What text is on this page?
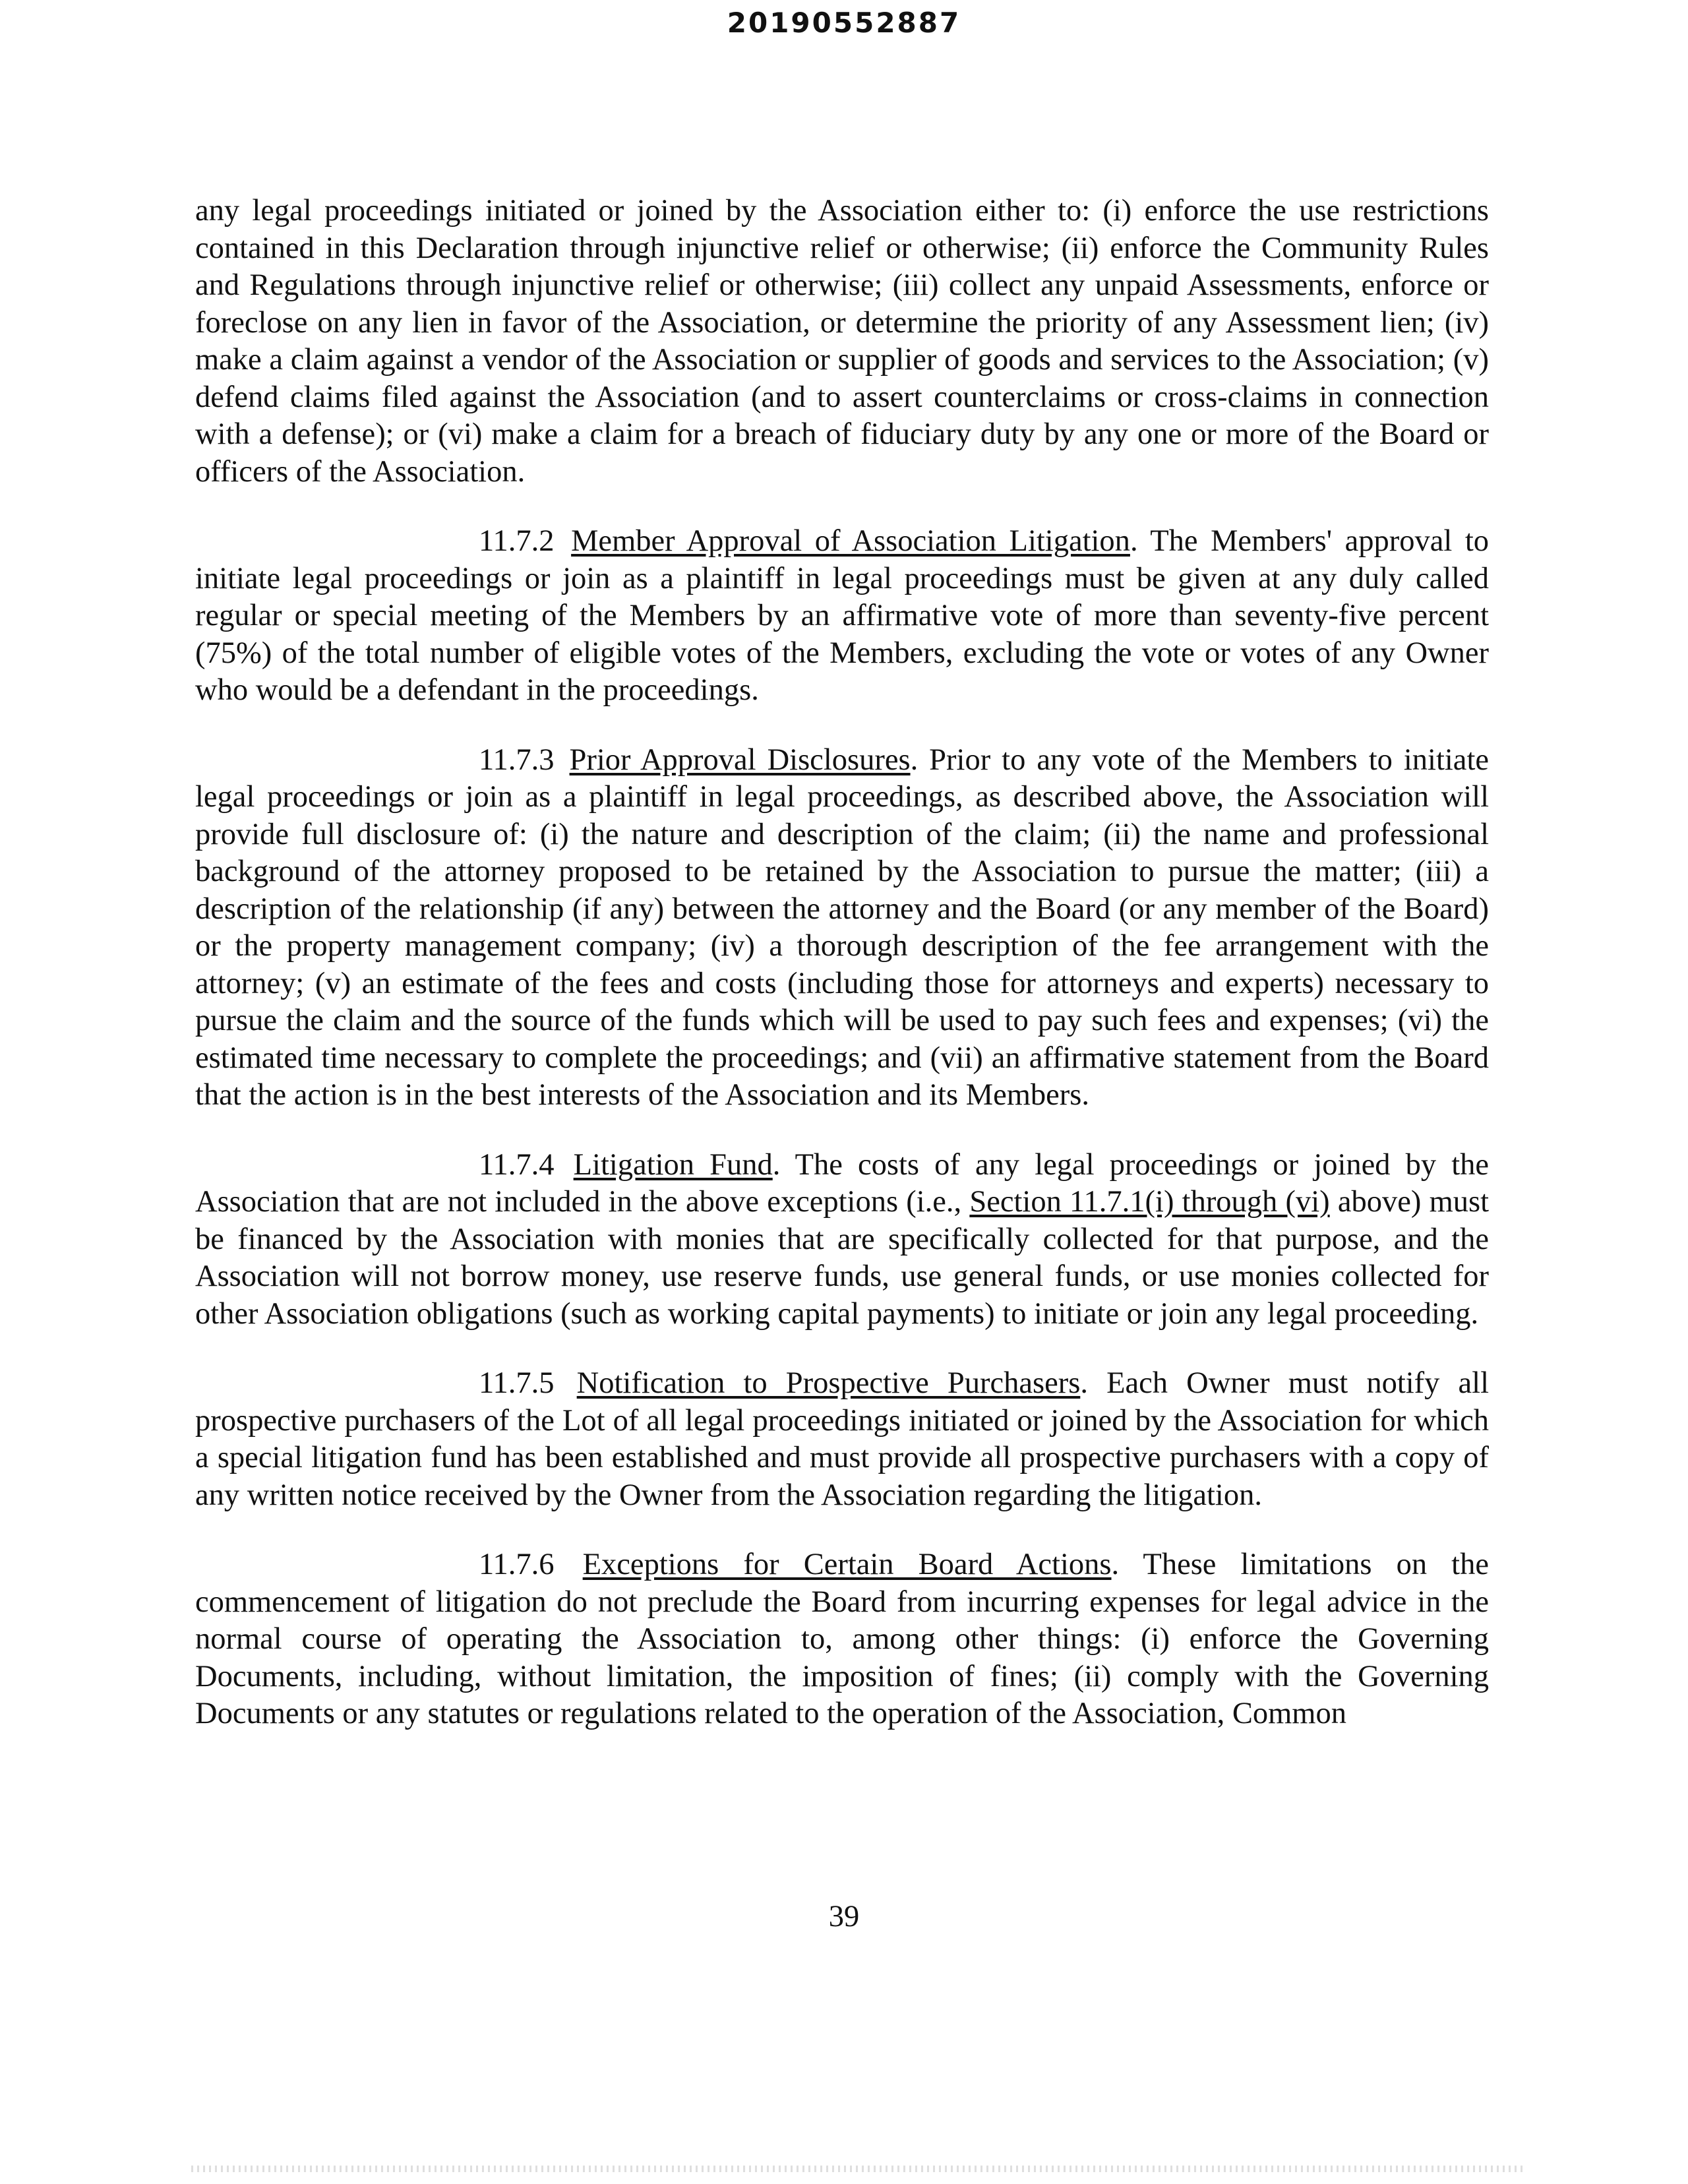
20190552887

any legal proceedings initiated or joined by the Association either to: (i) enforce the use restrictions contained in this Declaration through injunctive relief or otherwise; (ii) enforce the Community Rules and Regulations through injunctive relief or otherwise; (iii) collect any unpaid Assessments, enforce or foreclose on any lien in favor of the Association, or determine the priority of any Assessment lien; (iv) make a claim against a vendor of the Association or supplier of goods and services to the Association; (v) defend claims filed against the Association (and to assert counterclaims or cross-claims in connection with a defense); or (vi) make a claim for a breach of fiduciary duty by any one or more of the Board or officers of the Association.

11.7.2 Member Approval of Association Litigation. The Members' approval to initiate legal proceedings or join as a plaintiff in legal proceedings must be given at any duly called regular or special meeting of the Members by an affirmative vote of more than seventy-five percent (75%) of the total number of eligible votes of the Members, excluding the vote or votes of any Owner who would be a defendant in the proceedings.

11.7.3 Prior Approval Disclosures. Prior to any vote of the Members to initiate legal proceedings or join as a plaintiff in legal proceedings, as described above, the Association will provide full disclosure of: (i) the nature and description of the claim; (ii) the name and professional background of the attorney proposed to be retained by the Association to pursue the matter; (iii) a description of the relationship (if any) between the attorney and the Board (or any member of the Board) or the property management company; (iv) a thorough description of the fee arrangement with the attorney; (v) an estimate of the fees and costs (including those for attorneys and experts) necessary to pursue the claim and the source of the funds which will be used to pay such fees and expenses; (vi) the estimated time necessary to complete the proceedings; and (vii) an affirmative statement from the Board that the action is in the best interests of the Association and its Members.

11.7.4 Litigation Fund. The costs of any legal proceedings or joined by the Association that are not included in the above exceptions (i.e., Section 11.7.1(i) through (vi) above) must be financed by the Association with monies that are specifically collected for that purpose, and the Association will not borrow money, use reserve funds, use general funds, or use monies collected for other Association obligations (such as working capital payments) to initiate or join any legal proceeding.

11.7.5 Notification to Prospective Purchasers. Each Owner must notify all prospective purchasers of the Lot of all legal proceedings initiated or joined by the Association for which a special litigation fund has been established and must provide all prospective purchasers with a copy of any written notice received by the Owner from the Association regarding the litigation.

11.7.6 Exceptions for Certain Board Actions. These limitations on the commencement of litigation do not preclude the Board from incurring expenses for legal advice in the normal course of operating the Association to, among other things: (i) enforce the Governing Documents, including, without limitation, the imposition of fines; (ii) comply with the Governing Documents or any statutes or regulations related to the operation of the Association, Common

39
